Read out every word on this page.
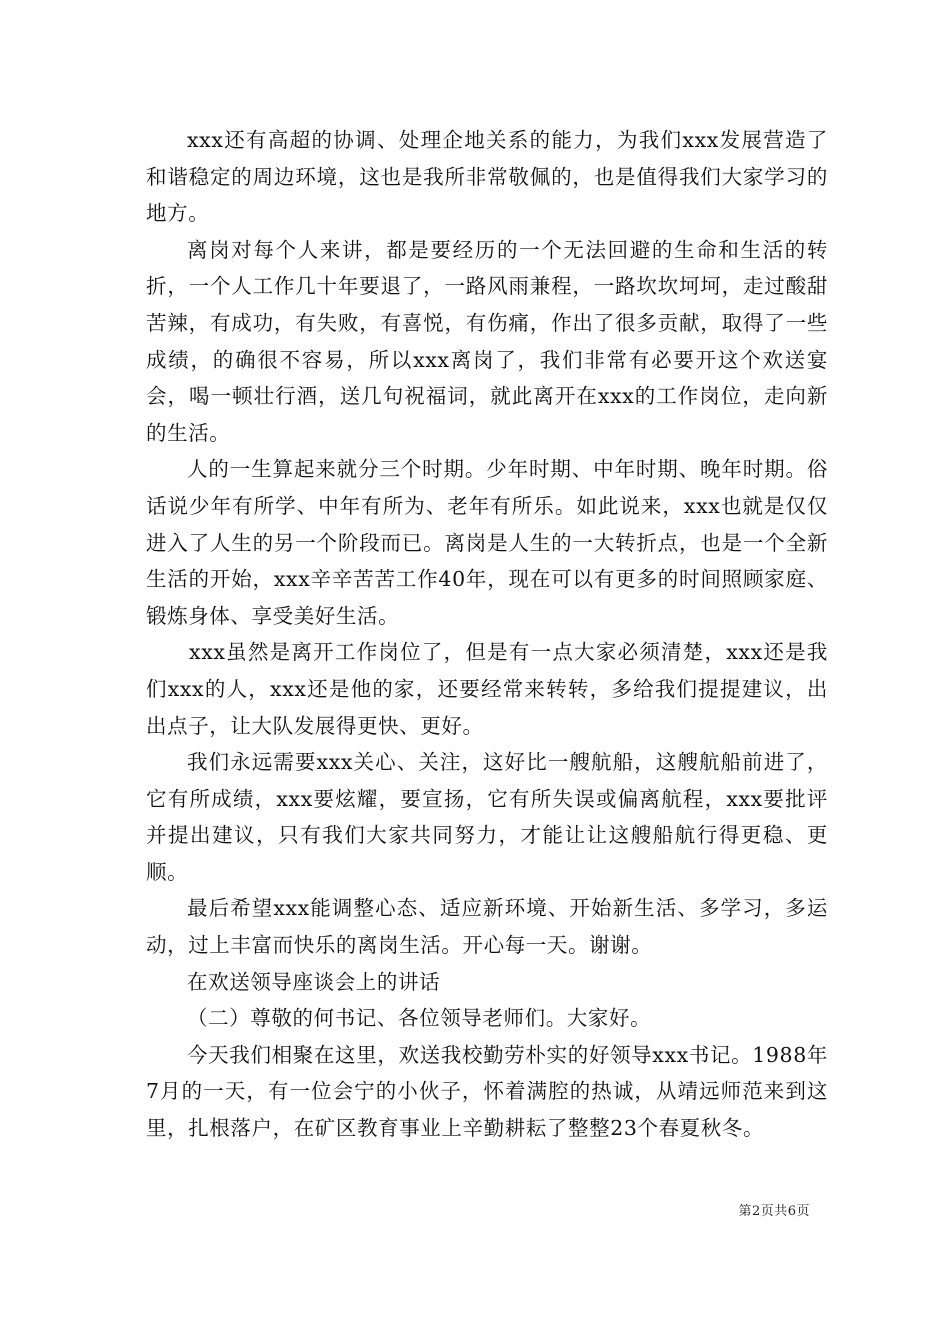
xxx还有高超的协调、处理企地关系的能力，为我们xxx发展营造了和谐稳定的周边环境，这也是我所非常敬佩的，也是值得我们大家学习的地方。

离岗对每个人来讲，都是要经历的一个无法回避的生命和生活的转折，一个人工作几十年要退了，一路风雨兼程，一路坎坎坷坷，走过酸甜苦辣，有成功，有失败，有喜悦，有伤痛，作出了很多贡献，取得了一些成绩，的确很不容易，所以xxx离岗了，我们非常有必要开这个欢送宴会，喝一顿壮行酒，送几句祝福词，就此离开在xxx的工作岗位，走向新的生活。

人的一生算起来就分三个时期。少年时期、中年时期、晚年时期。俗话说少年有所学、中年有所为、老年有所乐。如此说来，xxx也就是仅仅进入了人生的另一个阶段而已。离岗是人生的一大转折点，也是一个全新生活的开始，xxx辛辛苦苦工作40年，现在可以有更多的时间照顾家庭、锻炼身体、享受美好生活。

xxx虽然是离开工作岗位了，但是有一点大家必须清楚，xxx还是我们xxx的人，xxx还是他的家，还要经常来转转，多给我们提提建议，出出点子，让大队发展得更快、更好。

我们永远需要xxx关心、关注，这好比一艘航船，这艘航船前进了，它有所成绩，xxx要炫耀，要宣扬，它有所失误或偏离航程，xxx要批评并提出建议，只有我们大家共同努力，才能让让这艘船航行得更稳、更顺。

最后希望xxx能调整心态、适应新环境、开始新生活、多学习，多运动，过上丰富而快乐的离岗生活。开心每一天。谢谢。

在欢送领导座谈会上的讲话

（二）尊敬的何书记、各位领导老师们。大家好。

今天我们相聚在这里，欢送我校勤劳朴实的好领导xxx书记。1988年7月的一天，有一位会宁的小伙子，怀着满腔的热诚，从靖远师范来到这里，扎根落户，在矿区教育事业上辛勤耕耘了整整23个春夏秋冬。

第2页共6页
